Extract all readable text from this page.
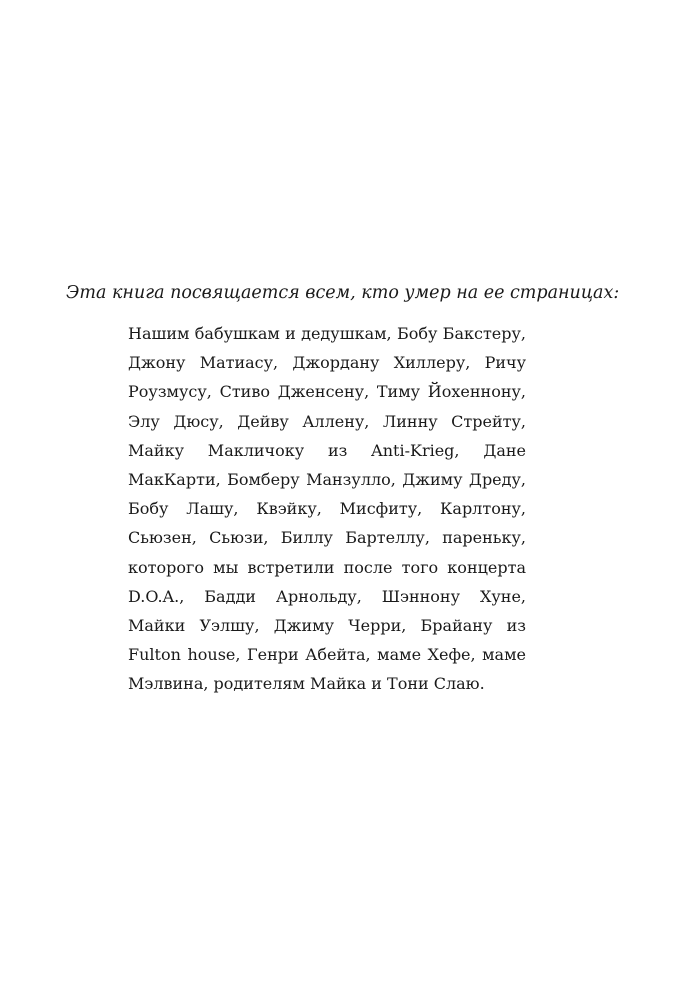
Эта книга посвящается всем, кто умер на ее страницах:
Нашим бабушкам и дедушкам, Бобу Бакстеру,
Джону Матиасу, Джордану Хиллеру, Ричу
Роузмусу, Стиво Дженсену, Тиму Йохеннону,
Элу Дюсу, Дейву Аллену, Линну Стрейту,
Майку Макличоку из Anti-Krieg, Дане
МакКарти, Бомберу Манзулло, Джиму Дреду,
Бобу Лашу, Квэйку, Мисфиту, Карлтону,
Сьюзен, Сьюзи, Биллу Бартеллу, пареньку,
которого мы встретили после того концерта
D.O.A., Бадди Арнольду, Шэннону Хуне,
Майки Уэлшу, Джиму Черри, Брайану из
Fulton house, Генри Абейта, маме Хефе, маме
Мэлвина, родителям Майка и Тони Слаю.
